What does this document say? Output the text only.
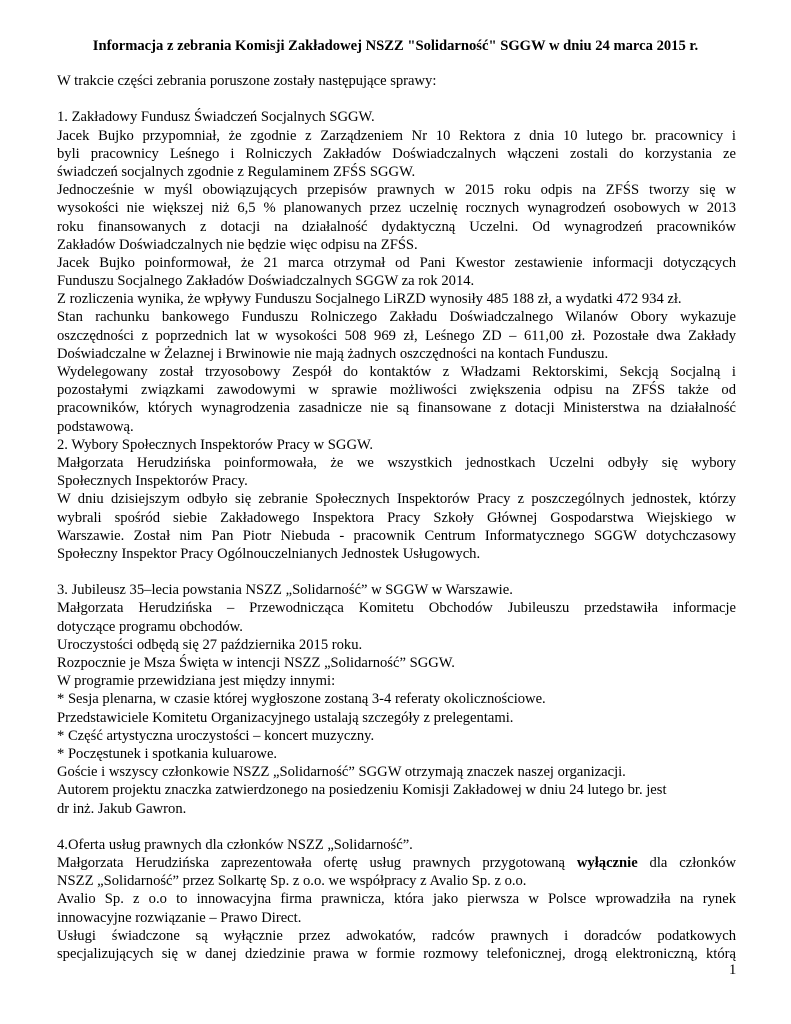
Informacja z zebrania Komisji Zakładowej NSZZ "Solidarność" SGGW w dniu 24 marca 2015 r.
W trakcie części zebrania poruszone zostały następujące sprawy:
1. Zakładowy Fundusz Świadczeń Socjalnych SGGW.
Jacek Bujko przypomniał, że zgodnie z Zarządzeniem Nr 10 Rektora z dnia 10 lutego br. pracownicy i
byli pracownicy Leśnego i Rolniczych Zakładów Doświadczalnych włączeni zostali do korzystania ze
świadczeń socjalnych zgodnie z Regulaminem ZFŚS SGGW.
Jednocześnie w myśl obowiązujących przepisów prawnych w 2015 roku odpis na ZFŚS tworzy się w
wysokości nie większej niż 6,5 % planowanych przez uczelnię rocznych wynagrodzeń osobowych w 2013
roku finansowanych z dotacji na działalność dydaktyczną Uczelni. Od wynagrodzeń pracowników
Zakładów Doświadczalnych nie będzie więc odpisu na ZFŚS.
Jacek Bujko poinformował, że 21 marca otrzymał od Pani Kwestor zestawienie informacji dotyczących
Funduszu Socjalnego Zakładów Doświadczalnych SGGW za rok 2014.
Z rozliczenia wynika, że wpływy Funduszu Socjalnego LiRZD wynosiły 485 188 zł, a wydatki 472 934 zł.
Stan rachunku bankowego Funduszu Rolniczego Zakładu Doświadczalnego Wilanów Obory wykazuje
oszczędności z poprzednich lat w wysokości 508 969 zł, Leśnego ZD – 611,00 zł. Pozostałe dwa Zakłady
Doświadczalne w Żelaznej i Brwinowie nie mają żadnych oszczędności na kontach Funduszu.
Wydelegowany został trzyosobowy Zespół do kontaktów z Władzami Rektorskimi, Sekcją Socjalną i
pozostałymi związkami zawodowymi w sprawie możliwości zwiększenia odpisu na ZFŚS także od
pracowników, których wynagrodzenia zasadnicze nie są finansowane z dotacji Ministerstwa na działalność
podstawową.
2. Wybory Społecznych Inspektorów Pracy w SGGW.
Małgorzata Herudzińska poinformowała, że we wszystkich jednostkach Uczelni odbyły się wybory
Społecznych Inspektorów Pracy.
W dniu dzisiejszym odbyło się zebranie Społecznych Inspektorów Pracy z poszczególnych jednostek, którzy
wybrali spośród siebie Zakładowego Inspektora Pracy Szkoły Głównej Gospodarstwa Wiejskiego w
Warszawie. Został nim Pan Piotr Niebuda - pracownik Centrum Informatycznego SGGW dotychczasowy
Społeczny Inspektor Pracy Ogólnouczelnianych Jednostek Usługowych.
3. Jubileusz 35–lecia powstania NSZZ „Solidarność” w SGGW w Warszawie.
Małgorzata Herudzińska – Przewodnicząca Komitetu Obchodów Jubileuszu przedstawiła informacje
dotyczące programu obchodów.
Uroczystości odbędą się 27 października 2015 roku.
Rozpocznie je Msza Święta w intencji NSZZ „Solidarność” SGGW.
W programie przewidziana jest między innymi:
* Sesja plenarna, w czasie której wygłoszone zostaną 3-4 referaty okolicznościowe.
Przedstawiciele Komitetu Organizacyjnego ustalają szczegóły z prelegentami.
* Część artystyczna uroczystości – koncert muzyczny.
* Poczęstunek i spotkania kuluarowe.
Goście i wszyscy członkowie NSZZ „Solidarność” SGGW otrzymają znaczek naszej organizacji.
Autorem projektu znaczka zatwierdzonego na posiedzeniu Komisji Zakładowej w dniu 24 lutego br. jest
dr inż. Jakub Gawron.
4.Oferta usług prawnych dla członków NSZZ „Solidarność”.
Małgorzata Herudzińska zaprezentowała ofertę usług prawnych przygotowaną wyłącznie dla członków
NSZZ „Solidarność” przez Solkartę Sp. z o.o. we współpracy z Avalio Sp. z o.o.
Avalio Sp. z o.o to innowacyjna firma prawnicza, która jako pierwsza w Polsce wprowadziła na rynek
innowacyjne rozwiązanie – Prawo Direct.
Usługi świadczone są wyłącznie przez adwokatów, radców prawnych i doradców podatkowych
specjalizujących się w danej dziedzinie prawa w formie rozmowy telefonicznej, drogą elektroniczną, którą
1
